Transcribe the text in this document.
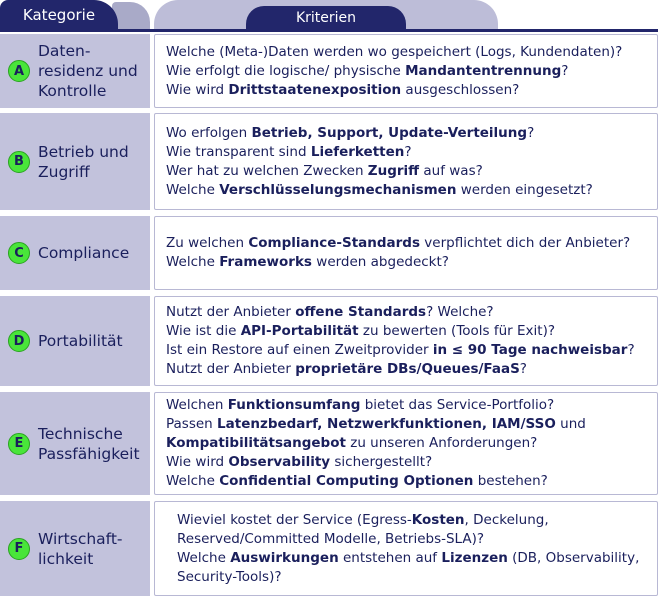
Kategorie	Kriterien
A
Daten-
residenz und
Kontrolle
Welche (Meta-)Daten werden wo gespeichert (Logs, Kundendaten)?
Wie erfolgt die logische/ physische Mandantentrennung?
Wie wird Drittstaatenexposition ausgeschlossen?
B
Betrieb und
Zugriff
Wo erfolgen Betrieb, Support, Update-Verteilung?
Wie transparent sind Lieferketten?
Wer hat zu welchen Zwecken Zugriff auf was?
Welche Verschlüsselungsmechanismen werden eingesetzt?
C Compliance
Zu welchen Compliance-Standards verpflichtet dich der Anbieter?
Welche Frameworks werden abgedeckt?
D Portabilität
Nutzt der Anbieter offene Standards? Welche?
Wie ist die API-Portabilität zu bewerten (Tools für Exit)?
Ist ein Restore auf einen Zweitprovider in ≤ 90 Tage nachweisbar?
Nutzt der Anbieter proprietäre DBs/Queues/FaaS?
E
Technische
Passfähigkeit
Welchen Funktionsumfang bietet das Service-Portfolio?
Passen Latenzbedarf, Netzwerkfunktionen, IAM/SSO und
Kompatibilitätsangebot zu unseren Anforderungen?
Wie wird Observability sichergestellt?
Welche Confidential Computing Optionen bestehen?
F
Wirtschaft-
lichkeit
Wieviel kostet der Service (Egress-Kosten, Deckelung,
Reserved/Committed Modelle, Betriebs-SLA)?
Welche Auswirkungen entstehen auf Lizenzen (DB, Observability,
Security-Tools)?
